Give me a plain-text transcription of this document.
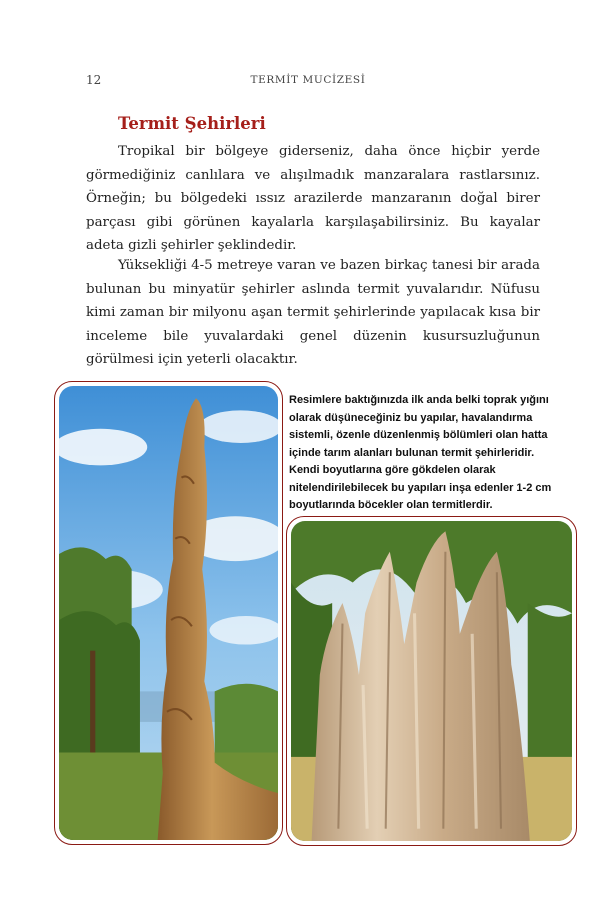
12	TERMİT MUCİZESİ
Termit Şehirleri

Tropikal bir bölgeye giderseniz, daha önce hiçbir yerde görmediğiniz canlılara ve alışılmadık manzaralara rastlarsınız. Örneğin; bu bölgedeki ıssız arazilerde manzaranın doğal birer parçası gibi görünen kayalarla karşılaşabilirsiniz. Bu kayalar adeta gizli şehirler şeklindedir.

Yüksekliği 4-5 metreye varan ve bazen birkaç tanesi bir arada bulunan bu minyatür şehirler aslında termit yuvalarıdır. Nüfusu kimi zaman bir milyonu aşan termit şehirlerinde yapılacak kısa bir inceleme bile yuvalardaki genel düzenin kusursuzluğunun görülmesi için yeterli olacaktır.

Resimlere baktığınızda ilk anda belki toprak yığını olarak düşüneceğiniz bu yapılar, havalandırma sistemli, özenle düzenlenmiş bölümleri olan hatta içinde tarım alanları bulunan termit şehirleridir. Kendi boyutlarına göre gökdelen olarak nitelendirilebilecek bu yapıları inşa edenler 1-2 cm boyutlarında böcekler olan termitlerdir.
